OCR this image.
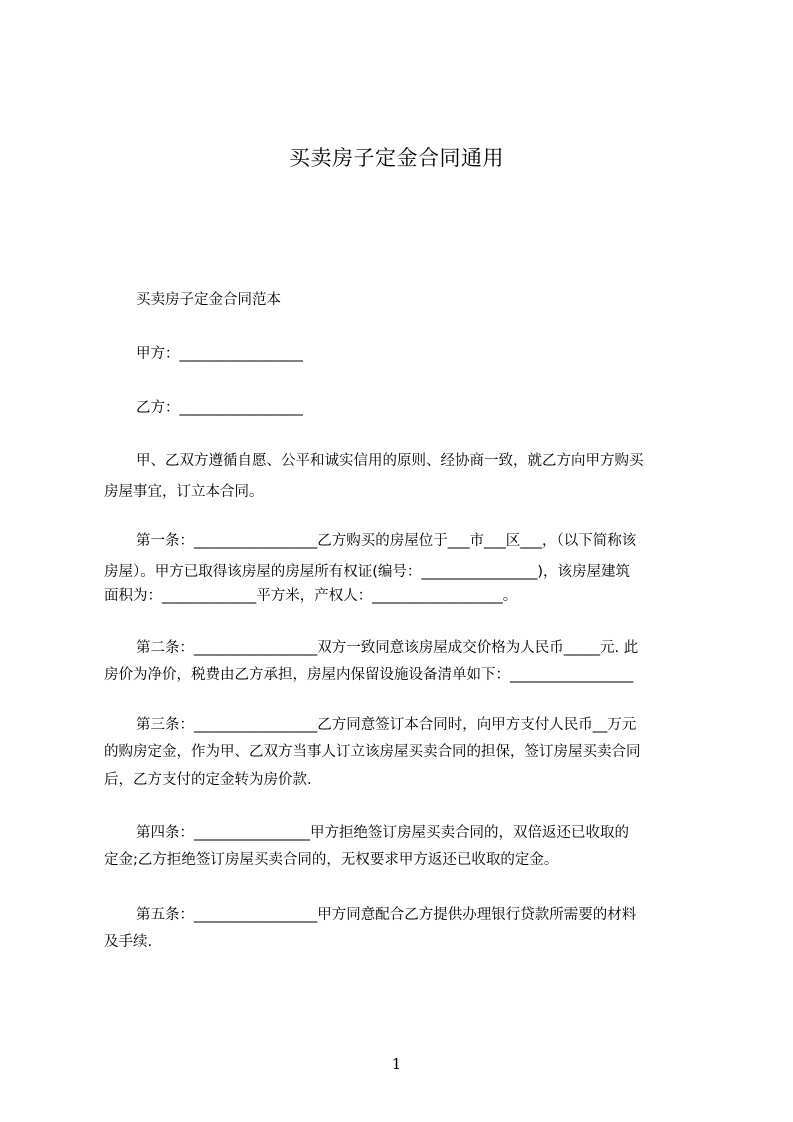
买卖房子定金合同通用
买卖房子定金合同范本
甲方：_________________
乙方：_________________
甲、乙双方遵循自愿、公平和诚实信用的原则、经协商一致，就乙方向甲方购买
房屋事宜，订立本合同。
第一条：_________________乙方购买的房屋位于___市___区___，（以下简称该
房屋）。甲方已取得该房屋的房屋所有权证(编号：________________)，该房屋建筑
面积为：_____________平方米，产权人：__________________。
第二条：_________________双方一致同意该房屋成交价格为人民币_____元. 此
房价为净价，税费由乙方承担，房屋内保留设施设备清单如下：_________________
第三条：_________________乙方同意签订本合同时，向甲方支付人民币__万元
的购房定金，作为甲、乙双方当事人订立该房屋买卖合同的担保，签订房屋买卖合同
后，乙方支付的定金转为房价款.
第四条：________________甲方拒绝签订房屋买卖合同的，双倍返还已收取的
定金;乙方拒绝签订房屋买卖合同的，无权要求甲方返还已收取的定金。
第五条：_________________甲方同意配合乙方提供办理银行贷款所需要的材料
及手续.
1
